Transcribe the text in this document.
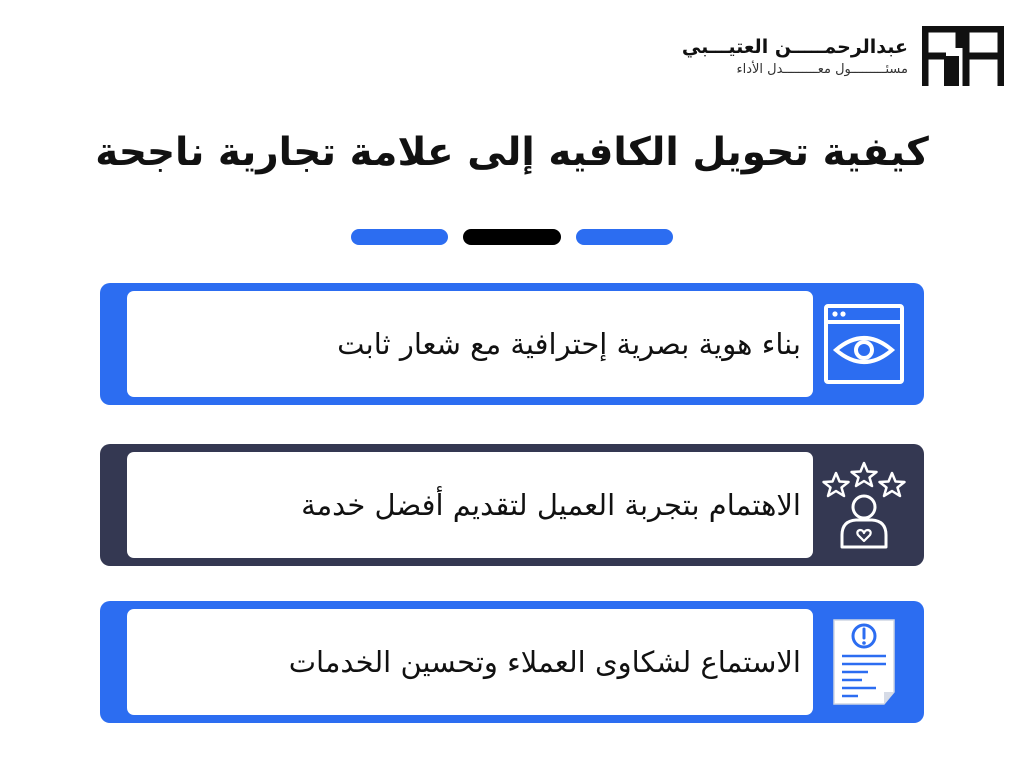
عبدالرحمـــــن العتيـــبي
مسئـــــــــول معـــــــــدل الأداء
كيفية تحويل الكافيه إلى علامة تجارية ناجحة
بناء هوية بصرية إحترافية مع شعار ثابت
الاهتمام بتجربة العميل لتقديم أفضل خدمة
الاستماع لشكاوى العملاء وتحسين الخدمات
